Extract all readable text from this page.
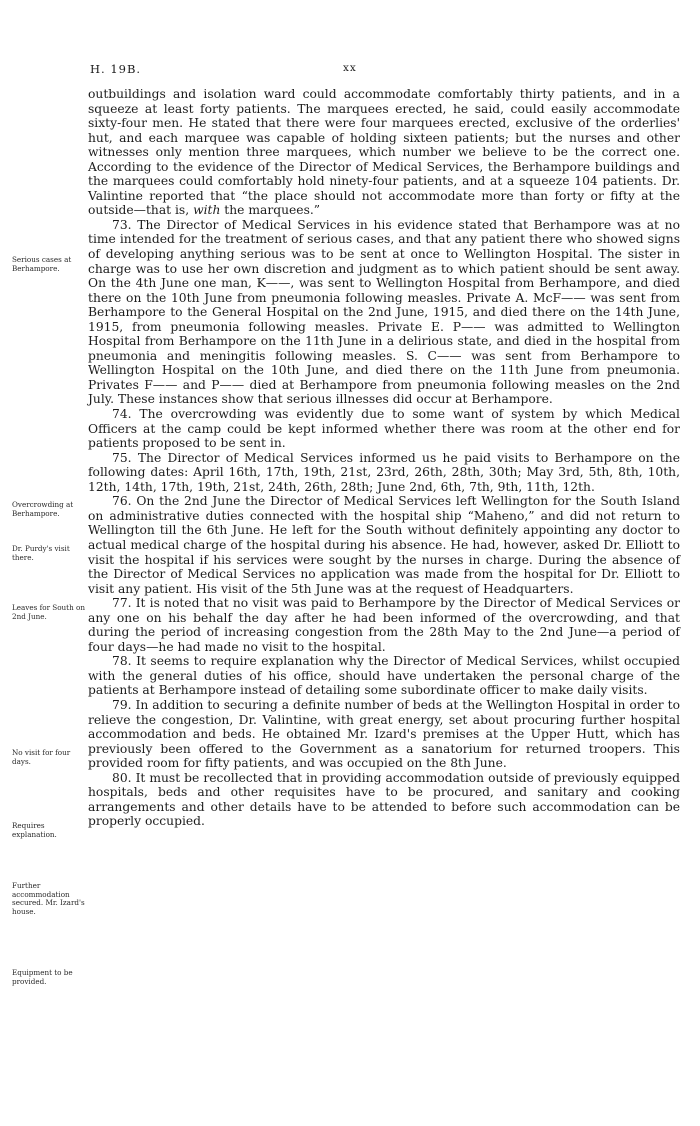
H. 19B.	xx
Serious cases at Berhampore.
Overcrowding at Berhampore.
Dr. Purdy's visit there.
Leaves for South on 2nd June.
No visit for four days.
Requires explanation.
Further accommodation secured. Mr. Izard's house.
Equipment to be provided.

outbuildings and isolation ward could accommodate comfortably thirty patients, and in a squeeze at least forty patients. The marquees erected, he said, could easily accommodate sixty-four men. He stated that there were four marquees erected, exclusive of the orderlies' hut, and each marquee was capable of holding sixteen patients; but the nurses and other witnesses only mention three marquees, which number we believe to be the correct one. According to the evidence of the Director of Medical Services, the Berhampore buildings and the marquees could comfortably hold ninety-four patients, and at a squeeze 104 patients. Dr. Valintine reported that “the place should not accommodate more than forty or fifty at the outside—that is, with the marquees.”

73. The Director of Medical Services in his evidence stated that Berhampore was at no time intended for the treatment of serious cases, and that any patient there who showed signs of developing anything serious was to be sent at once to Wellington Hospital. The sister in charge was to use her own discretion and judgment as to which patient should be sent away. On the 4th June one man, K——, was sent to Wellington Hospital from Berhampore, and died there on the 10th June from pneumonia following measles. Private A. McF—— was sent from Berhampore to the General Hospital on the 2nd June, 1915, and died there on the 14th June, 1915, from pneumonia following measles. Private E. P—— was admitted to Wellington Hospital from Berhampore on the 11th June in a delirious state, and died in the hospital from pneumonia and meningitis following measles. S. C—— was sent from Berhampore to Wellington Hospital on the 10th June, and died there on the 11th June from pneumonia. Privates F—— and P—— died at Berhampore from pneumonia following measles on the 2nd July. These instances show that serious illnesses did occur at Berhampore.

74. The overcrowding was evidently due to some want of system by which Medical Officers at the camp could be kept informed whether there was room at the other end for patients proposed to be sent in.

75. The Director of Medical Services informed us he paid visits to Berhampore on the following dates: April 16th, 17th, 19th, 21st, 23rd, 26th, 28th, 30th; May 3rd, 5th, 8th, 10th, 12th, 14th, 17th, 19th, 21st, 24th, 26th, 28th; June 2nd, 6th, 7th, 9th, 11th, 12th.

76. On the 2nd June the Director of Medical Services left Wellington for the South Island on administrative duties connected with the hospital ship “Maheno,” and did not return to Wellington till the 6th June. He left for the South without definitely appointing any doctor to actual medical charge of the hospital during his absence. He had, however, asked Dr. Elliott to visit the hospital if his services were sought by the nurses in charge. During the absence of the Director of Medical Services no application was made from the hospital for Dr. Elliott to visit any patient. His visit of the 5th June was at the request of Headquarters.

77. It is noted that no visit was paid to Berhampore by the Director of Medical Services or any one on his behalf the day after he had been informed of the overcrowding, and that during the period of increasing congestion from the 28th May to the 2nd June—a period of four days—he had made no visit to the hospital.

78. It seems to require explanation why the Director of Medical Services, whilst occupied with the general duties of his office, should have undertaken the personal charge of the patients at Berhampore instead of detailing some subordinate officer to make daily visits.

79. In addition to securing a definite number of beds at the Wellington Hospital in order to relieve the congestion, Dr. Valintine, with great energy, set about procuring further hospital accommodation and beds. He obtained Mr. Izard's premises at the Upper Hutt, which has previously been offered to the Government as a sanatorium for returned troopers. This provided room for fifty patients, and was occupied on the 8th June.

80. It must be recollected that in providing accommodation outside of previously equipped hospitals, beds and other requisites have to be procured, and sanitary and cooking arrangements and other details have to be attended to before such accommodation can be properly occupied.
